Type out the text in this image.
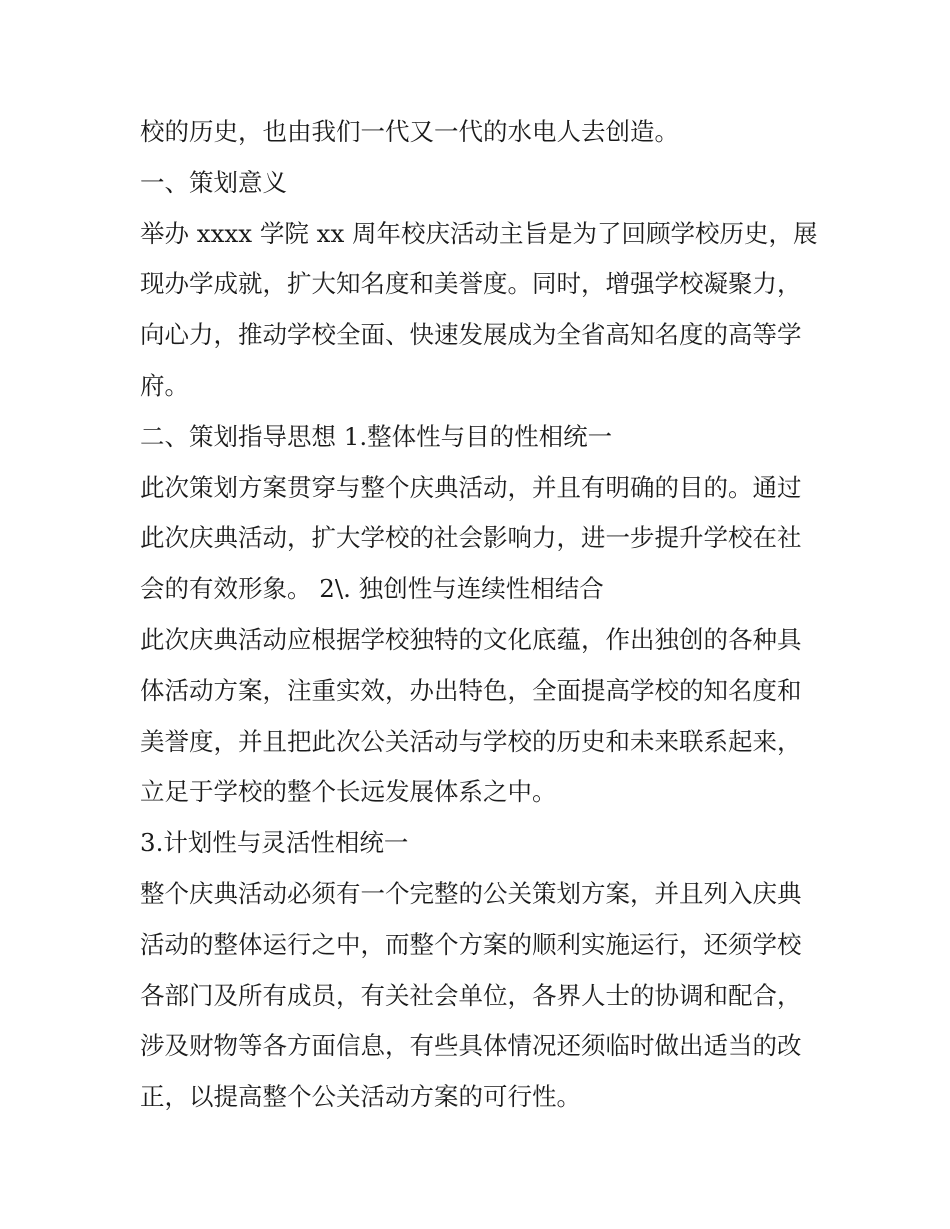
校的历史，也由我们一代又一代的水电人去创造。
一、策划意义
举办 xxxx 学院 xx 周年校庆活动主旨是为了回顾学校历史，展
现办学成就，扩大知名度和美誉度。同时，增强学校凝聚力，
向心力，推动学校全面、快速发展成为全省高知名度的高等学
府。
二、策划指导思想 1.整体性与目的性相统一
此次策划方案贯穿与整个庆典活动，并且有明确的目的。通过
此次庆典活动，扩大学校的社会影响力，进一步提升学校在社
会的有效形象。 2\. 独创性与连续性相结合
此次庆典活动应根据学校独特的文化底蕴，作出独创的各种具
体活动方案，注重实效，办出特色，全面提高学校的知名度和
美誉度，并且把此次公关活动与学校的历史和未来联系起来，
立足于学校的整个长远发展体系之中。
3.计划性与灵活性相统一
整个庆典活动必须有一个完整的公关策划方案，并且列入庆典
活动的整体运行之中，而整个方案的顺利实施运行，还须学校
各部门及所有成员，有关社会单位，各界人士的协调和配合，
涉及财物等各方面信息，有些具体情况还须临时做出适当的改
正，以提高整个公关活动方案的可行性。
